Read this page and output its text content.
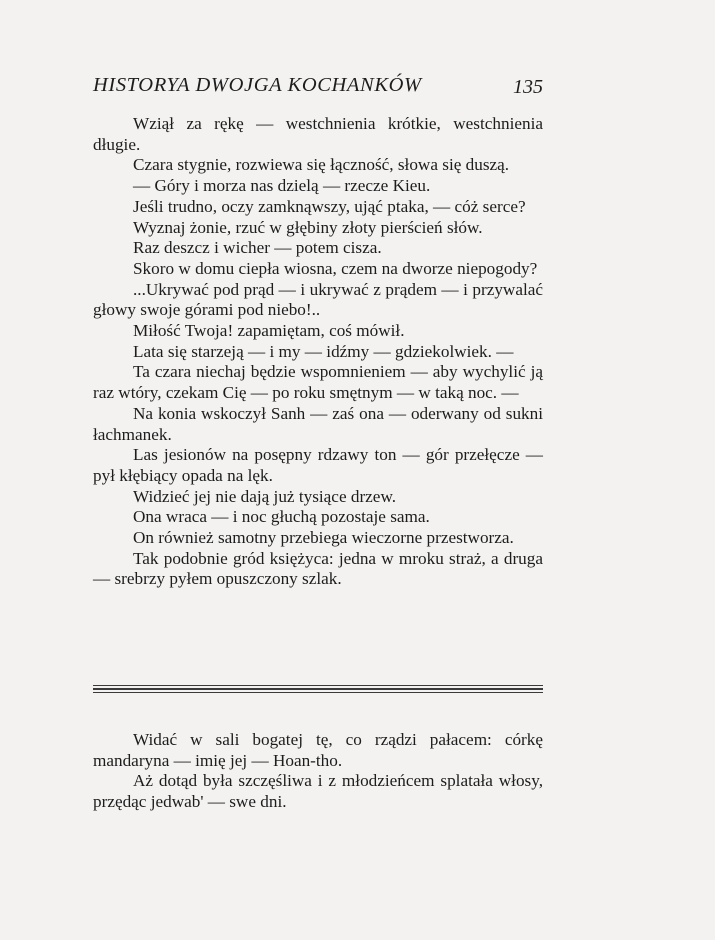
HISTORYA DWOJGA KOCHANKÓW	135

Wziął za rękę — westchnienia krótkie, westchnienia długie.

Czara stygnie, rozwiewa się łączność, słowa się duszą.

— Góry i morza nas dzielą — rzecze Kieu.

Jeśli trudno, oczy zamknąwszy, ująć ptaka, — cóż serce?

Wyznaj żonie, rzuć w głębiny złoty pierścień słów.

Raz deszcz i wicher — potem cisza.

Skoro w domu ciepła wiosna, czem na dworze niepogody?

...Ukrywać pod prąd — i ukrywać z prądem — i przywalać głowy swoje górami pod niebo!..

Miłość Twoja! zapamiętam, coś mówił.

Lata się starzeją — i my — idźmy — gdziekolwiek. —

Ta czara niechaj będzie wspomnieniem — aby wychylić ją raz wtóry, czekam Cię — po roku smętnym — w taką noc. —

Na konia wskoczył Sanh — zaś ona — oderwany od sukni łachmanek.

Las jesionów na posępny rdzawy ton — gór przełęcze — pył kłębiący opada na lęk.

Widzieć jej nie dają już tysiące drzew.

Ona wraca — i noc głuchą pozostaje sama.

On również samotny przebiega wieczorne przestworza.

Tak podobnie gród księżyca: jedna w mroku straż, a druga — srebrzy pyłem opuszczony szlak.

Widać w sali bogatej tę, co rządzi pałacem: córkę mandaryna — imię jej — Hoan-tho.

Aż dotąd była szczęśliwa i z młodzieńcem splatała włosy, przędąc jedwab' — swe dni.
